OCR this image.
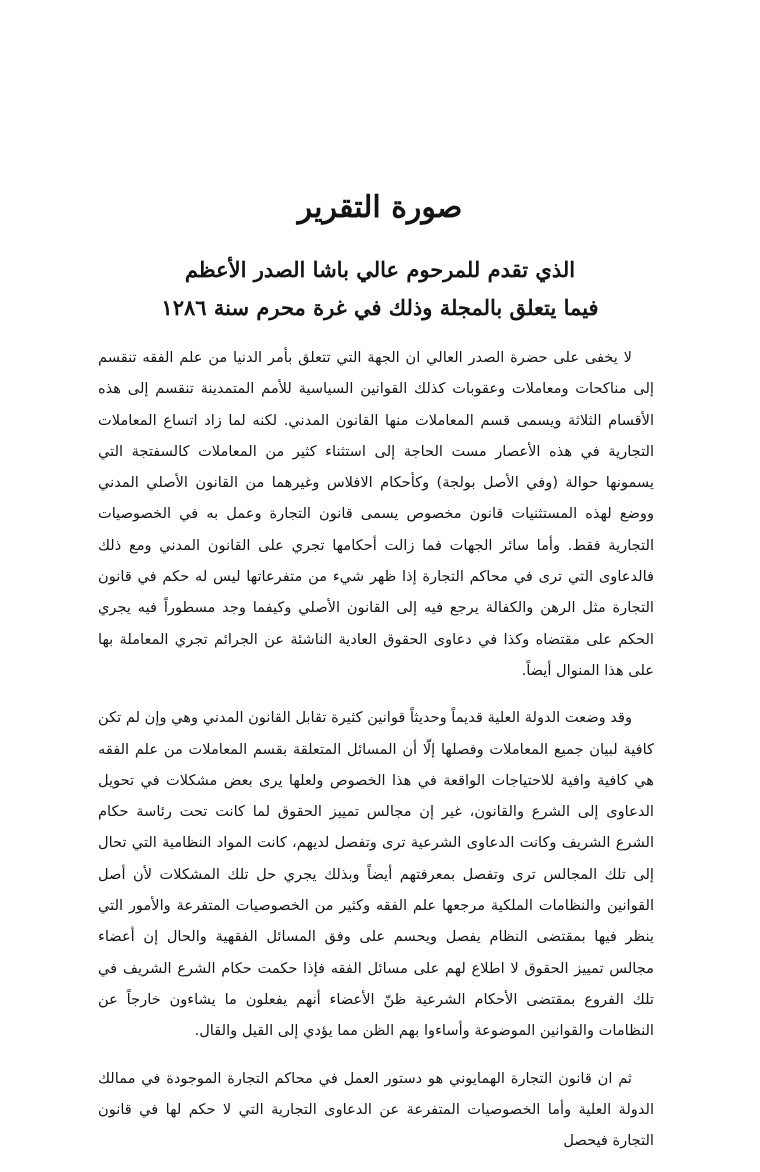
صورة التقرير
الذي تقدم للمرحوم عالي باشا الصدر الأعظم
فيما يتعلق بالمجلة وذلك في غرة محرم سنة ١٢٨٦

لا يخفى على حضرة الصدر العالي ان الجهة التي تتعلق بأمر الدنيا من علم الفقه تنقسم إلى مناكحات ومعاملات وعقوبات كذلك القوانين السياسية للأمم المتمدينة تنقسم إلى هذه الأقسام الثلاثة ويسمى قسم المعاملات منها القانون المدني. لكنه لما زاد اتساع المعاملات التجارية في هذه الأعصار مست الحاجة إلى استثناء كثير من المعاملات كالسفتجة التي يسمونها حوالة (وفي الأصل بولجة) وكأحكام الافلاس وغيرهما من القانون الأصلي المدني ووضع لهذه المستثنيات قانون مخصوص يسمى قانون التجارة وعمل به في الخصوصيات التجارية فقط. وأما سائر الجهات فما زالت أحكامها تجري على القانون المدني ومع ذلك فالدعاوى التي ترى في محاكم التجارة إذا ظهر شيء من متفرعاتها ليس له حكم في قانون التجارة مثل الرهن والكفالة يرجع فيه إلى القانون الأصلي وكيفما وجد مسطوراً فيه يجري الحكم على مقتضاه وكذا في دعاوى الحقوق العادية الناشئة عن الجرائم تجري المعاملة بها على هذا المنوال أيضاً.

وقد وضعت الدولة العلية قديماً وحديثاً قوانين كثيرة تقابل القانون المدني وهي وإن لم تكن كافية لبيان جميع المعاملات وفصلها إلّا أن المسائل المتعلقة بقسم المعاملات من علم الفقه هي كافية وافية للاحتياجات الواقعة في هذا الخصوص ولعلها يرى بعض مشكلات في تحويل الدعاوى إلى الشرع والقانون، غير إن مجالس تمييز الحقوق لما كانت تحت رئاسة حكام الشرع الشريف وكانت الدعاوى الشرعية ترى وتفصل لديهم، كانت المواد النظامية التي تحال إلى تلك المجالس ترى وتفصل بمعرفتهم أيضاً وبذلك يجري حل تلك المشكلات لأن أصل القوانين والنظامات الملكية مرجعها علم الفقه وكثير من الخصوصيات المتفرعة والأمور التي ينظر فيها بمقتضى النظام يفصل ويحسم على وفق المسائل الفقهية والحال إن أعضاء مجالس تمييز الحقوق لا اطلاع لهم على مسائل الفقه فإذا حكمت حكام الشرع الشريف في تلك الفروع بمقتضى الأحكام الشرعية ظنّ الأعضاء أنهم يفعلون ما يشاءون خارجاً عن النظامات والقوانين الموضوعة وأساءوا بهم الظن مما يؤدي إلى القيل والقال.

ثم ان قانون التجارة الهمايوني هو دستور العمل في محاكم التجارة الموجودة في ممالك الدولة العلية وأما الخصوصيات المتفرعة عن الدعاوى التجارية التي لا حكم لها في قانون التجارة فيحصل
